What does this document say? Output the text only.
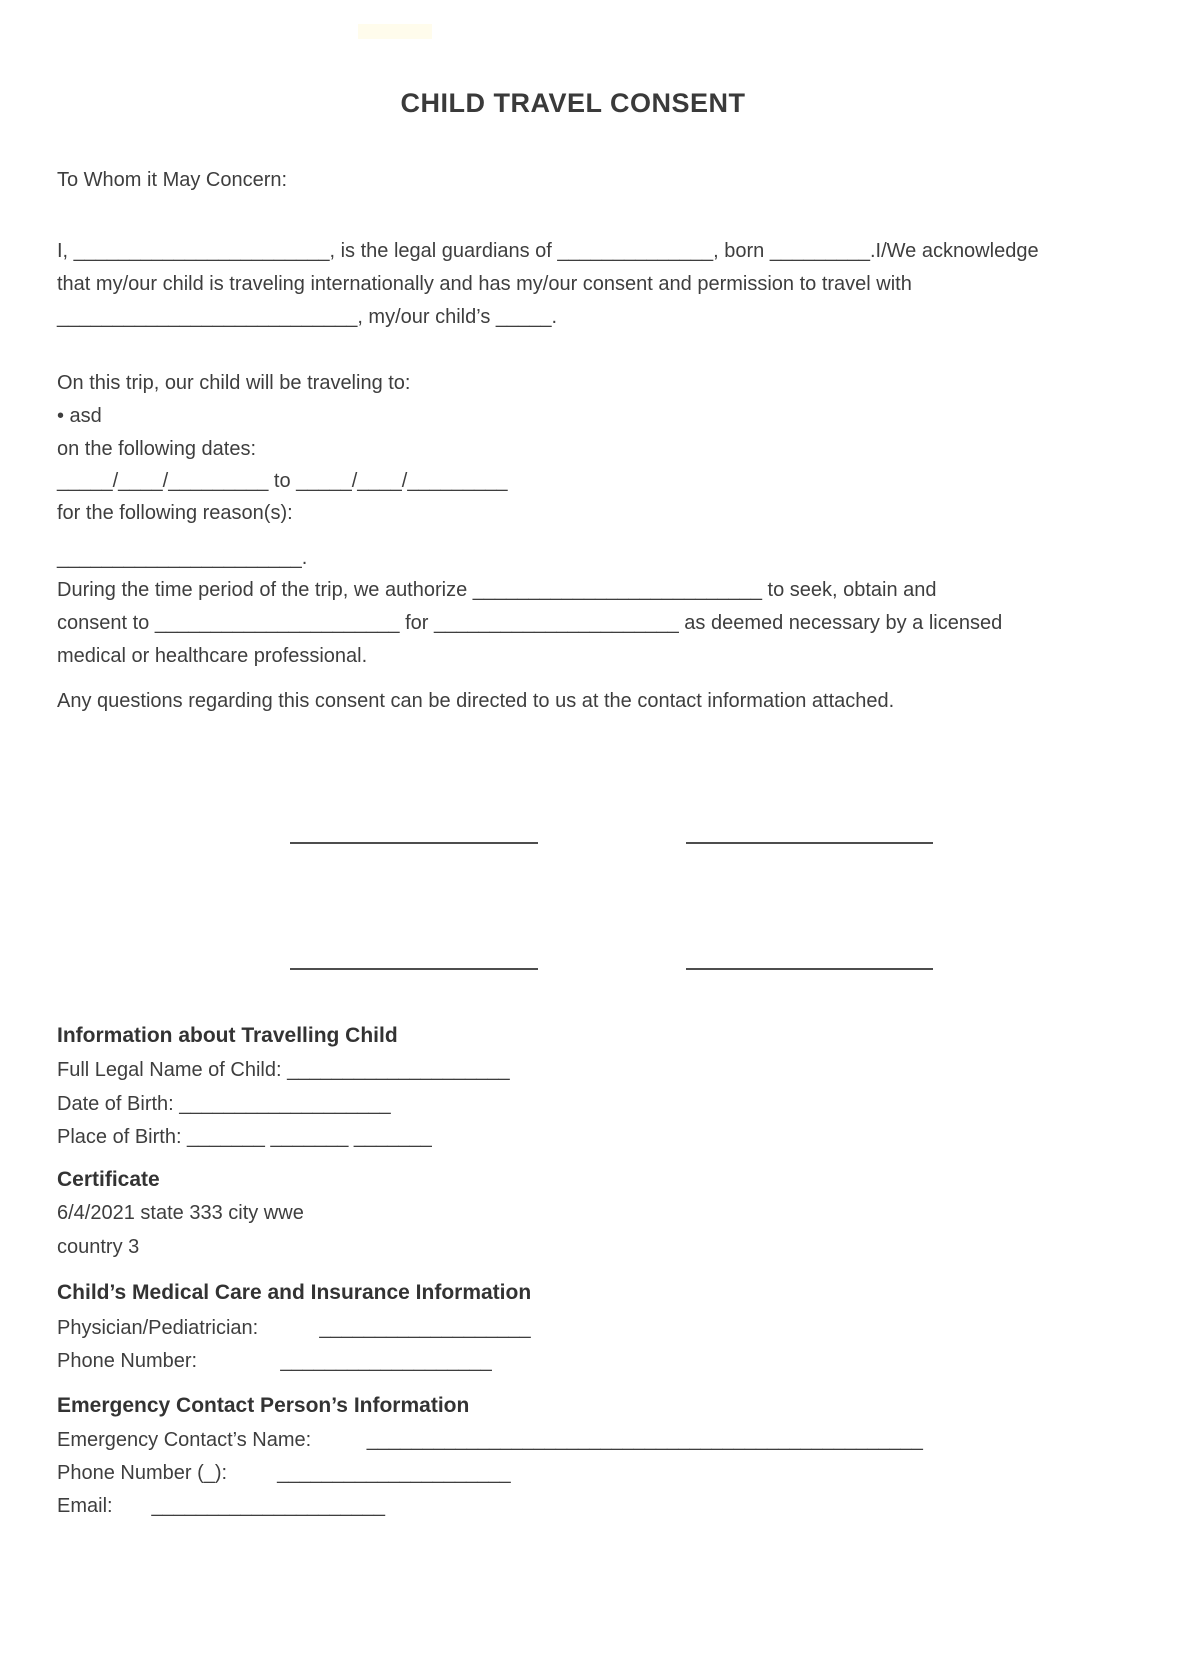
CHILD TRAVEL CONSENT
To Whom it May Concern:
I, _______________________, is the legal guardians of ______________, born _________.I/We acknowledge
that my/our child is traveling internationally and has my/our consent and permission to travel with
___________________________, my/our child’s _____.
On this trip, our child will be traveling to:
• asd
on the following dates:
_____/____/_________ to _____/____/_________
for the following reason(s):
______________________.
During the time period of the trip, we authorize __________________________ to seek, obtain and
consent to ______________________ for ______________________ as deemed necessary by a licensed
medical or healthcare professional.
Any questions regarding this consent can be directed to us at the contact information attached.
Information about Travelling Child
Full Legal Name of Child: ____________________
Date of Birth: ___________________
Place of Birth: _______ _______ _______
Certificate
6/4/2021 state 333 city wwe
country 3
Child’s Medical Care and Insurance Information
Physician/Pediatrician:           ___________________
Phone Number:               ___________________
Emergency Contact Person’s Information
Emergency Contact’s Name:          __________________________________________________
Phone Number (_):         _____________________
Email:       _____________________
